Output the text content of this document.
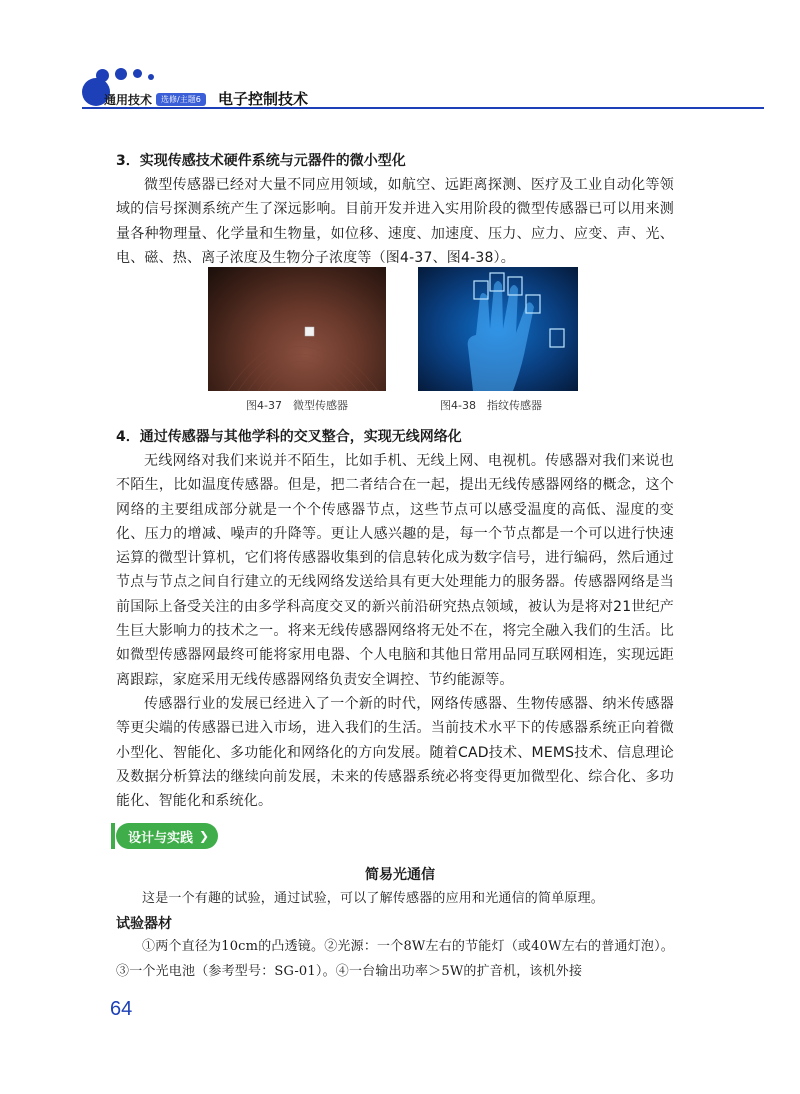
通用技术	选修/主题6	电子控制技术

3．实现传感技术硬件系统与元器件的微小型化

微型传感器已经对大量不同应用领域，如航空、远距离探测、医疗及工业自动化等领域的信号探测系统产生了深远影响。目前开发并进入实用阶段的微型传感器已可以用来测量各种物理量、化学量和生物量，如位移、速度、加速度、压力、应力、应变、声、光、电、磁、热、离子浓度及生物分子浓度等（图4-37、图4-38）。

图4-37　微型传感器	图4-38　指纹传感器

4．通过传感器与其他学科的交叉整合，实现无线网络化

无线网络对我们来说并不陌生，比如手机、无线上网、电视机。传感器对我们来说也不陌生，比如温度传感器。但是，把二者结合在一起，提出无线传感器网络的概念，这个网络的主要组成部分就是一个个传感器节点，这些节点可以感受温度的高低、湿度的变化、压力的增减、噪声的升降等。更让人感兴趣的是，每一个节点都是一个可以进行快速运算的微型计算机，它们将传感器收集到的信息转化成为数字信号，进行编码，然后通过节点与节点之间自行建立的无线网络发送给具有更大处理能力的服务器。传感器网络是当前国际上备受关注的由多学科高度交叉的新兴前沿研究热点领域，被认为是将对21世纪产生巨大影响力的技术之一。将来无线传感器网络将无处不在，将完全融入我们的生活。比如微型传感器网最终可能将家用电器、个人电脑和其他日常用品同互联网相连，实现远距离跟踪，家庭采用无线传感器网络负责安全调控、节约能源等。

传感器行业的发展已经进入了一个新的时代，网络传感器、生物传感器、纳米传感器等更尖端的传感器已进入市场，进入我们的生活。当前技术水平下的传感器系统正向着微小型化、智能化、多功能化和网络化的方向发展。随着CAD技术、MEMS技术、信息理论及数据分析算法的继续向前发展，未来的传感器系统必将变得更加微型化、综合化、多功能化、智能化和系统化。

设计与实践 ❯
简易光通信

这是一个有趣的试验，通过试验，可以了解传感器的应用和光通信的简单原理。

试验器材

①两个直径为10cm的凸透镜。②光源：一个8W左右的节能灯（或40W左右的普通灯泡）。③一个光电池（参考型号：SG-01）。④一台输出功率＞5W的扩音机，该机外接

64
